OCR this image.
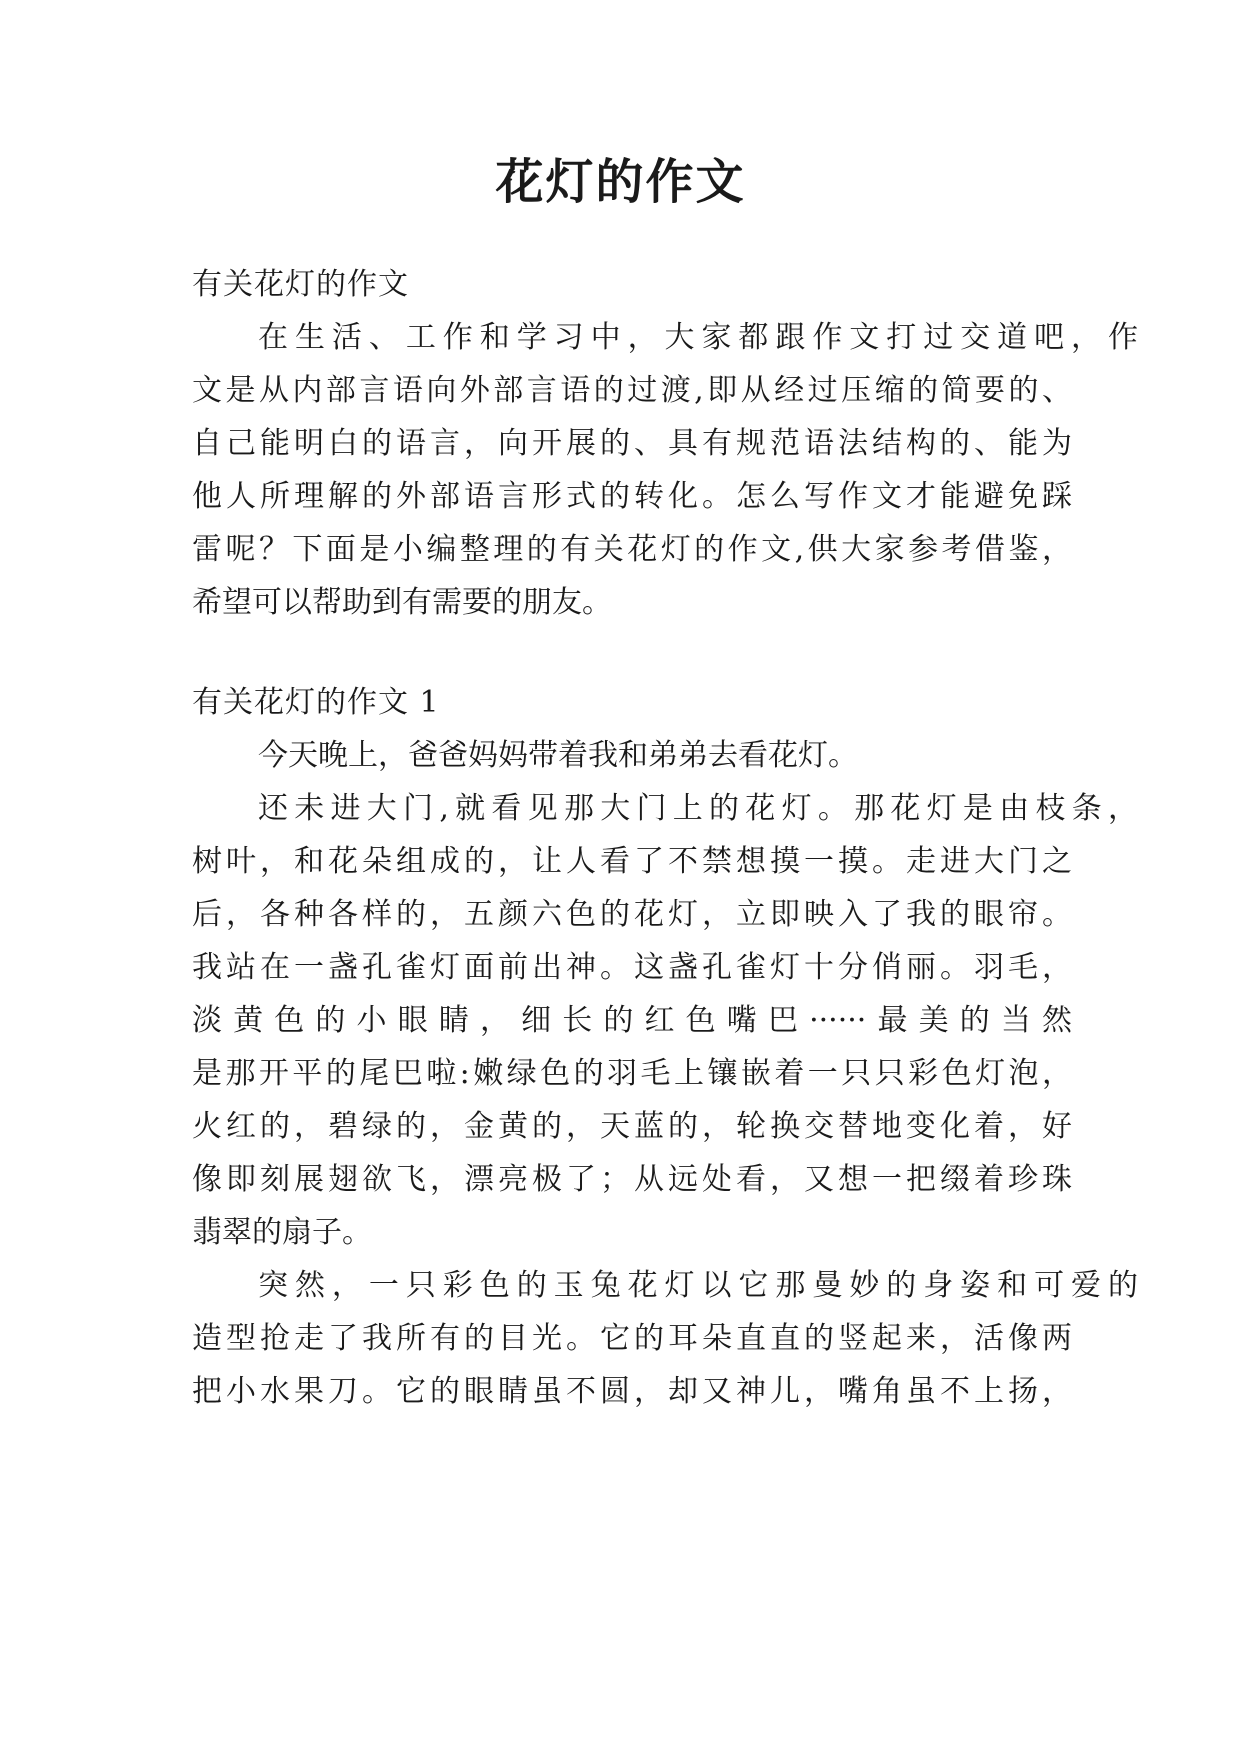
花灯的作文
有关花灯的作文
在生活、工作和学习中，大家都跟作文打过交道吧，作
文是从内部言语向外部言语的过渡,即从经过压缩的简要的、
自己能明白的语言，向开展的、具有规范语法结构的、能为
他人所理解的外部语言形式的转化。怎么写作文才能避免踩
雷呢？下面是小编整理的有关花灯的作文,供大家参考借鉴，
希望可以帮助到有需要的朋友。
有关花灯的作文 1
今天晚上，爸爸妈妈带着我和弟弟去看花灯。
还未进大门,就看见那大门上的花灯。那花灯是由枝条，
树叶，和花朵组成的，让人看了不禁想摸一摸。走进大门之
后，各种各样的，五颜六色的花灯，立即映入了我的眼帘。
我站在一盏孔雀灯面前出神。这盏孔雀灯十分俏丽。羽毛，
淡黄色的小眼睛，细长的红色嘴巴······最美的当然
是那开平的尾巴啦:嫩绿色的羽毛上镶嵌着一只只彩色灯泡，
火红的，碧绿的，金黄的，天蓝的，轮换交替地变化着，好
像即刻展翅欲飞，漂亮极了；从远处看，又想一把缀着珍珠
翡翠的扇子。
突然，一只彩色的玉兔花灯以它那曼妙的身姿和可爱的
造型抢走了我所有的目光。它的耳朵直直的竖起来，活像两
把小水果刀。它的眼睛虽不圆，却又神儿，嘴角虽不上扬，
